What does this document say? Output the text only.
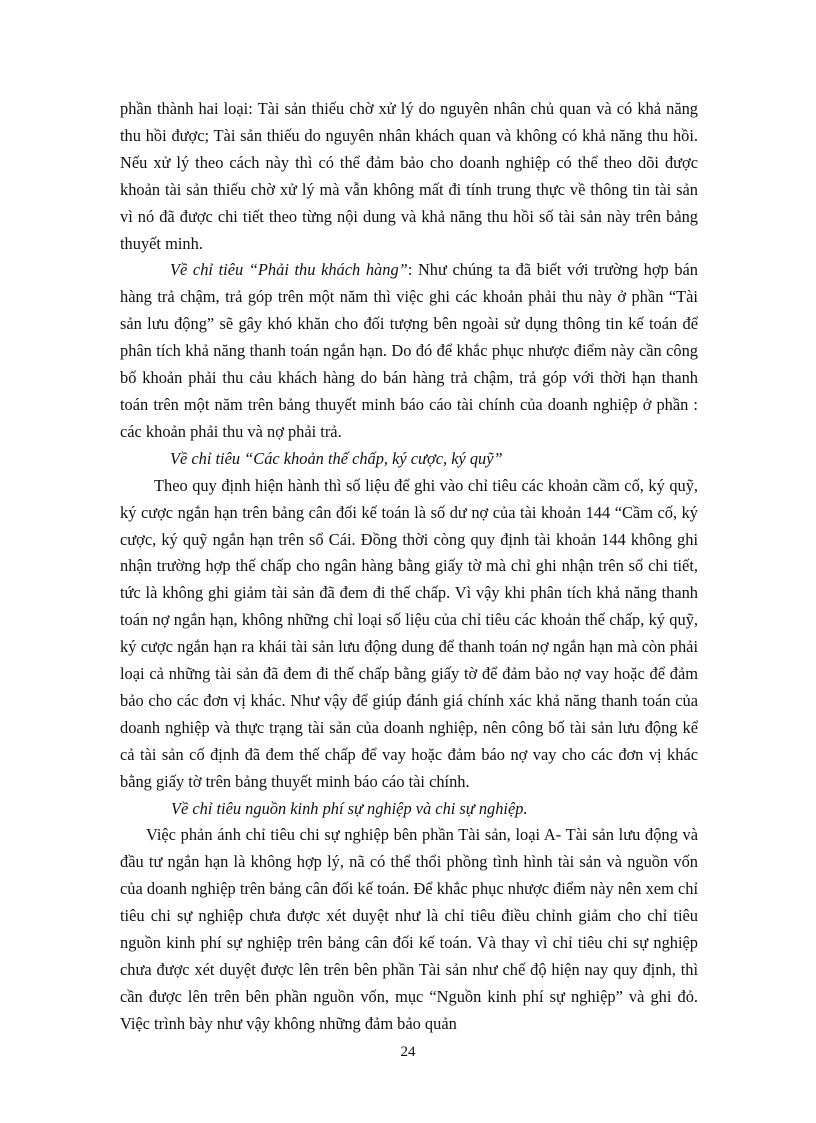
phần thành hai loại: Tài sản thiếu chờ xử lý do nguyên nhân chủ quan và có khả năng thu hồi được; Tài sản thiếu do nguyên nhân khách quan và không có khả năng thu hồi. Nếu xử lý theo cách này thì có thể đảm bảo cho doanh nghiệp có thể theo dõi được khoản tài sản thiếu chờ xử lý mà vẫn không mất đi tính trung thực về thông tin tài sản vì nó đã được chi tiết theo từng nội dung và khả năng thu hồi số tài sản này trên bảng thuyết minh.

Về chỉ tiêu “Phải thu khách hàng”: Như chúng ta đã biết với trường hợp bán hàng trả chậm, trả góp trên một năm thì việc ghi các khoản phải thu này ở phần “Tài sản lưu động” sẽ gây khó khăn cho đối tượng bên ngoài sử dụng thông tin kế toán để phân tích khả năng thanh toán ngắn hạn. Do đó để khắc phục nhược điểm này cần công bố khoản phải thu cảu khách hàng do bán hàng trả chậm, trả góp với thời hạn thanh toán trên một năm trên bảng thuyết minh báo cáo tài chính của doanh nghiệp ở phần : các khoản phải thu và nợ phải trả.

Về chỉ tiêu “Các khoản thế chấp, ký cược, ký quỹ”

Theo quy định hiện hành thì số liệu để ghi vào chỉ tiêu các khoản cầm cố, ký quỹ, ký cược ngắn hạn trên bảng cân đối kế toán là số dư nợ của tài khoản 144 “Cầm cố, ký cược, ký quỹ ngắn hạn trên sổ Cái. Đồng thời còng quy định tài khoản 144 không ghi nhận trường hợp thế chấp cho ngân hàng bằng giấy tờ mà chỉ ghi nhận trên sổ chi tiết, tức là không ghi giảm tài sản đã đem đi thế chấp. Vì vậy khi phân tích khả năng thanh toán nợ ngắn hạn, không những chỉ loại số liệu của chỉ tiêu các khoản thế chấp, ký quỹ, ký cược ngắn hạn ra khái tài sản lưu động dung để thanh toán nợ ngắn hạn mà còn phải loại cả những tài sản đã đem đi thế chấp bằng giấy tờ để đảm bảo nợ vay hoặc để đảm bảo cho các đơn vị khác. Như vậy để giúp đánh giá chính xác khả năng thanh toán của doanh nghiệp và thực trạng tài sản của doanh nghiệp, nên công bố tài sản lưu động kể cả tài sản cố định đã đem thế chấp để vay hoặc đảm báo nợ vay cho các đơn vị khác bằng giấy tờ trên bảng thuyết minh báo cáo tài chính.

Về chỉ tiêu nguồn kinh phí sự nghiệp và chi sự nghiệp.

Việc phản ánh chỉ tiêu chi sự nghiệp bên phần Tài sản, loại A- Tài sản lưu động và đầu tư ngắn hạn là không hợp lý, nã có thể thổi phồng tình hình tài sản và nguồn vốn của doanh nghiệp trên bảng cân đối kế toán. Để khắc phục nhược điểm này nên xem chỉ tiêu chi sự nghiệp chưa được xét duyệt như là chỉ tiêu điều chỉnh giảm cho chỉ tiêu nguồn kinh phí sự nghiệp trên bảng cân đối kế toán. Và thay vì chỉ tiêu chi sự nghiệp chưa được xét duyệt được lên trên bên phần Tài sản như chế độ hiện nay quy định, thì cần được lên trên bên phần nguồn vốn, mục “Nguồn kinh phí sự nghiệp” và ghi đỏ. Việc trình bày như vậy không những đảm bảo quản

24
